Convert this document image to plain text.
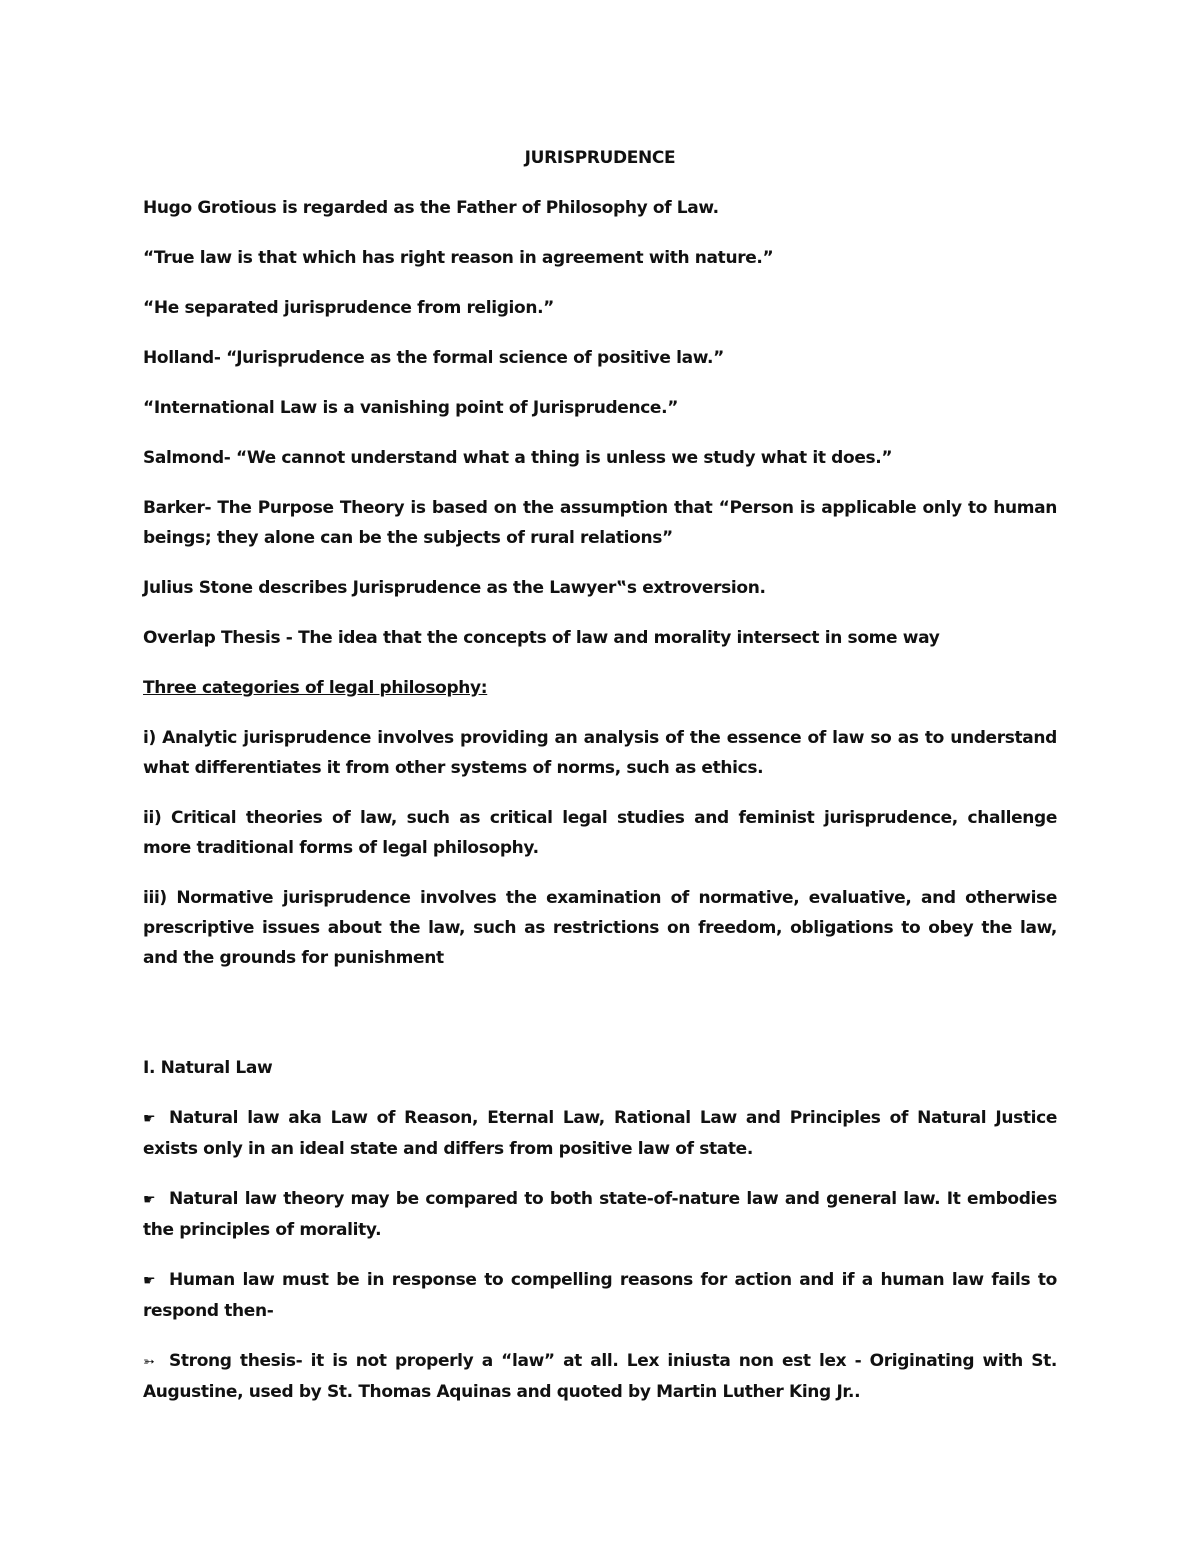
JURISPRUDENCE
Hugo Grotious is regarded as the Father of Philosophy of Law.
“True law is that which has right reason in agreement with nature.”
“He separated jurisprudence from religion.”
Holland- “Jurisprudence as the formal science of positive law.”
“International Law is a vanishing point of Jurisprudence.”
Salmond- “We cannot understand what a thing is unless we study what it does.”
Barker- The Purpose Theory is based on the assumption that “Person is applicable only to human beings; they alone can be the subjects of rural relations”
Julius Stone describes Jurisprudence as the Lawyer‟s extroversion.
Overlap Thesis - The idea that the concepts of law and morality intersect in some way
Three categories of legal philosophy:
i) Analytic jurisprudence involves providing an analysis of the essence of law so as to understand what differentiates it from other systems of norms, such as ethics.
ii) Critical theories of law, such as critical legal studies and feminist jurisprudence, challenge more traditional forms of legal philosophy.
iii) Normative jurisprudence involves the examination of normative, evaluative, and otherwise prescriptive issues about the law, such as restrictions on freedom, obligations to obey the law, and the grounds for punishment
I. Natural Law
☛ Natural law aka Law of Reason, Eternal Law, Rational Law and Principles of Natural Justice exists only in an ideal state and differs from positive law of state.
☛ Natural law theory may be compared to both state-of-nature law and general law. It embodies the principles of morality.
☛ Human law must be in response to compelling reasons for action and if a human law fails to respond then-
➳ Strong thesis- it is not properly a “law” at all. Lex iniusta non est lex - Originating with St. Augustine, used by St. Thomas Aquinas and quoted by Martin Luther King Jr..
